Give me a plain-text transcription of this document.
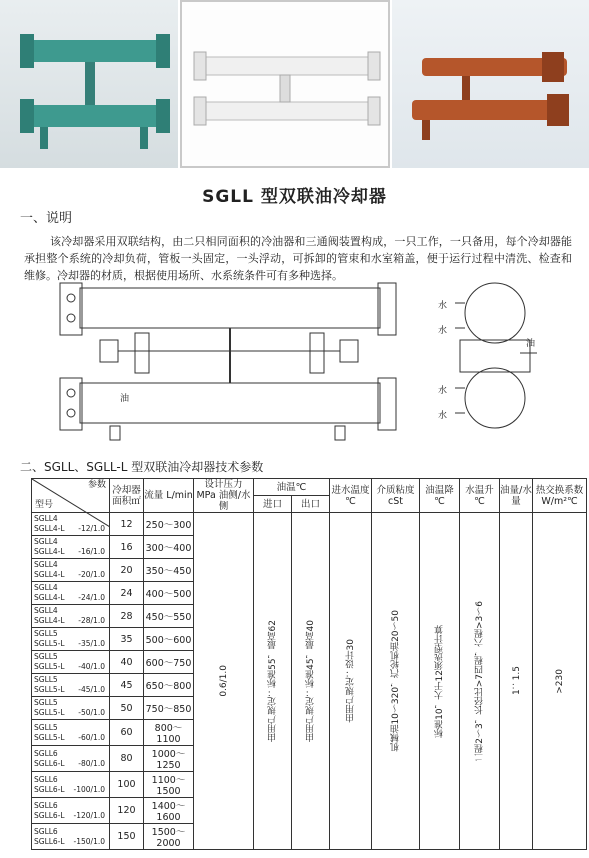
SGLL 型双联油冷却器
一、说明
该冷却器采用双联结构，由二只相同面积的冷油器和三通阀装置构成，一只工作，一只备用，每个冷却器能承担整个系统的冷却负荷，管板一头固定，一头浮动，可拆卸的管束和水室箱盖，便于运行过程中清洗、检查和维修。冷却器的材质，根据使用场所、水系统条件可有多种选择。
油
油
水
水
水
水
二、SGLL、SGLL-L 型双联油冷却器技术参数
参数
型号	冷却器面积㎡	流量 L/min	设计压力 MPa 油侧/水侧	油温℃		进水温度 ℃	介质粘度 cSt	油温降 ℃	水温升 ℃	油量/水量	热交换系数 W/m²℃
				进口	出口						

SGLL4
SGLL4-L -12/1.0	12	250～300	0.6/1.0	由用户规定：标准55，最高62	由用户规定：标准45，最高40	由用户规定：设计30	机械油10～320，汽轮机油20～50	标准10，大于12须选型计算	二程2～3，长径比>7四程，六程>3～6	1：1.5	>230

SGLL4
SGLL4-L -16/1.0	16	300～400									

SGLL4
SGLL4-L -20/1.0	20	350～450									

SGLL4
SGLL4-L -24/1.0	24	400～500									

SGLL4
SGLL4-L -28/1.0	28	450～550									

SGLL5
SGLL5-L -35/1.0	35	500～600									

SGLL5
SGLL5-L -40/1.0	40	600～750									

SGLL5
SGLL5-L -45/1.0	45	650～800									

SGLL5
SGLL5-L -50/1.0	50	750～850									

SGLL5
SGLL5-L -60/1.0	60	800～1100									

SGLL6
SGLL6-L -80/1.0	80	1000～1250									

SGLL6
SGLL6-L -100/1.0	100	1100～1500									

SGLL6
SGLL6-L -120/1.0	120	1400～1600									

SGLL6
SGLL6-L -150/1.0	150	1500～2000									
